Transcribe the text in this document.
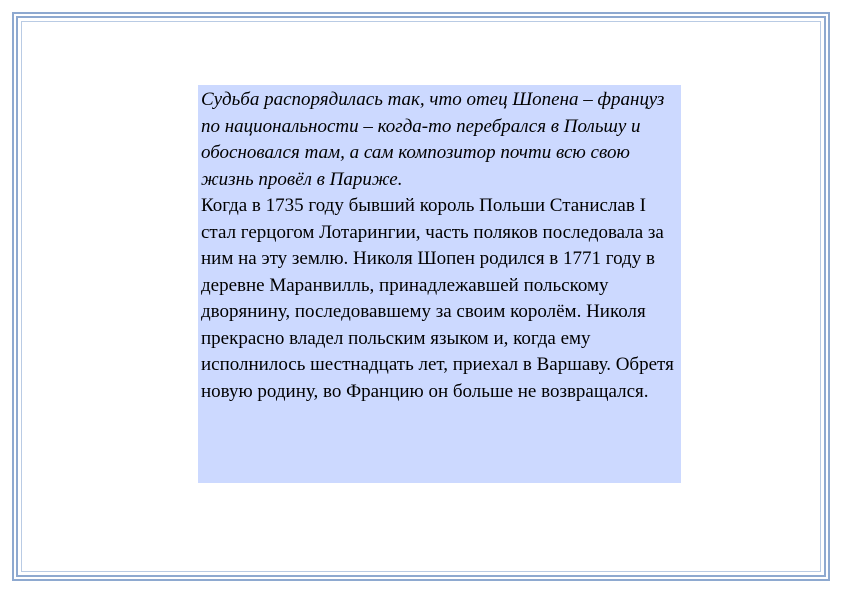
Судьба распорядилась так, что отец Шопена – француз по национальности – когда-то перебрался в Польшу и обосновался там, а сам композитор почти всю свою жизнь провёл в Париже.

Когда в 1735 году бывший король Польши Станислав I стал герцогом Лотарингии, часть поляков последовала за ним на эту землю. Николя Шопен родился в 1771 году в деревне Маранвилль, принадлежавшей польскому дворянину, последовавшему за своим королём. Николя прекрасно владел польским языком и, когда ему исполнилось шестнадцать лет, приехал в Варшаву. Обретя новую родину, во Францию он больше не возвращался.
